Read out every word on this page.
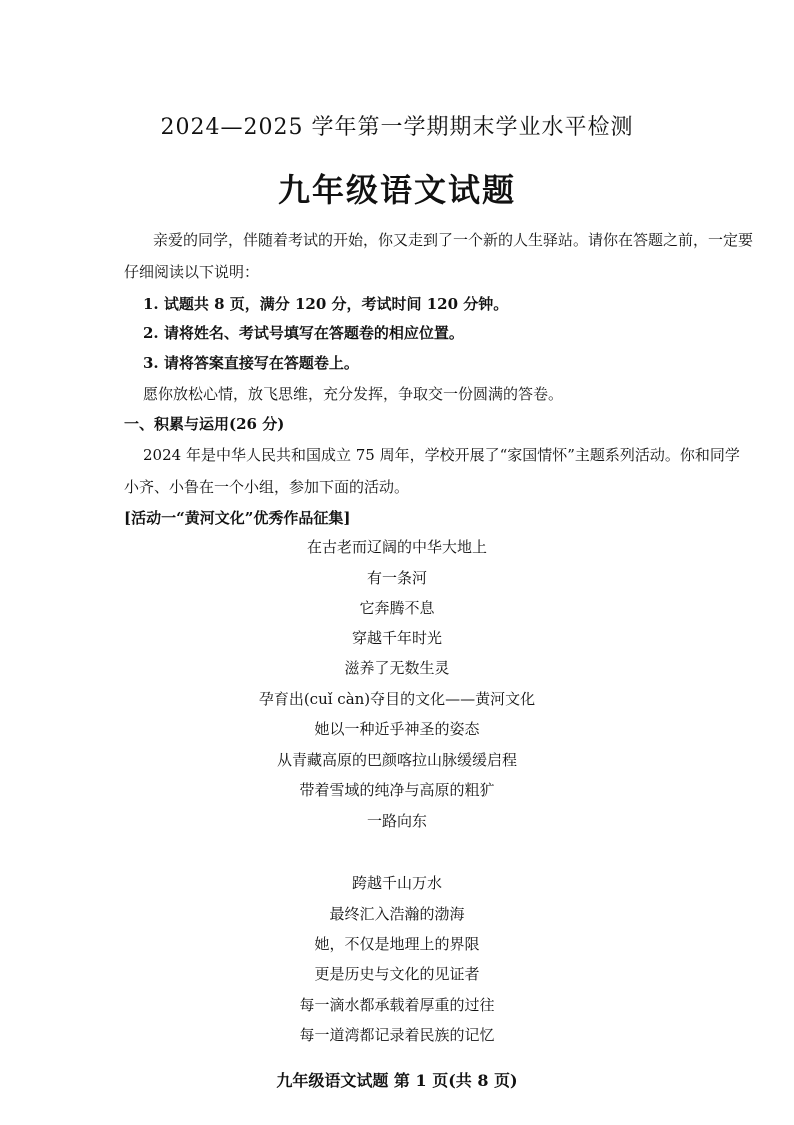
2024—2025 学年第一学期期末学业水平检测
九年级语文试题
亲爱的同学，伴随着考试的开始，你又走到了一个新的人生驿站。请你在答题之前，一定要
仔细阅读以下说明：
1. 试题共 8 页，满分 120 分，考试时间 120 分钟。
2. 请将姓名、考试号填写在答题卷的相应位置。
3. 请将答案直接写在答题卷上。
愿你放松心情，放飞思维，充分发挥，争取交一份圆满的答卷。
一、积累与运用(26 分)
2024 年是中华人民共和国成立 75 周年，学校开展了“家国情怀”主题系列活动。你和同学
小齐、小鲁在一个小组，参加下面的活动。
[活动一“黄河文化”优秀作品征集]
在古老而辽阔的中华大地上
有一条河
它奔腾不息
穿越千年时光
滋养了无数生灵
孕育出(cuǐ càn)夺目的文化——黄河文化
她以一种近乎神圣的姿态
从青藏高原的巴颜喀拉山脉缓缓启程
带着雪域的纯净与高原的粗犷
一路向东
跨越千山万水
最终汇入浩瀚的渤海
她，不仅是地理上的界限
更是历史与文化的见证者
每一滴水都承载着厚重的过往
每一道湾都记录着民族的记忆
九年级语文试题 第 1 页(共 8 页)
